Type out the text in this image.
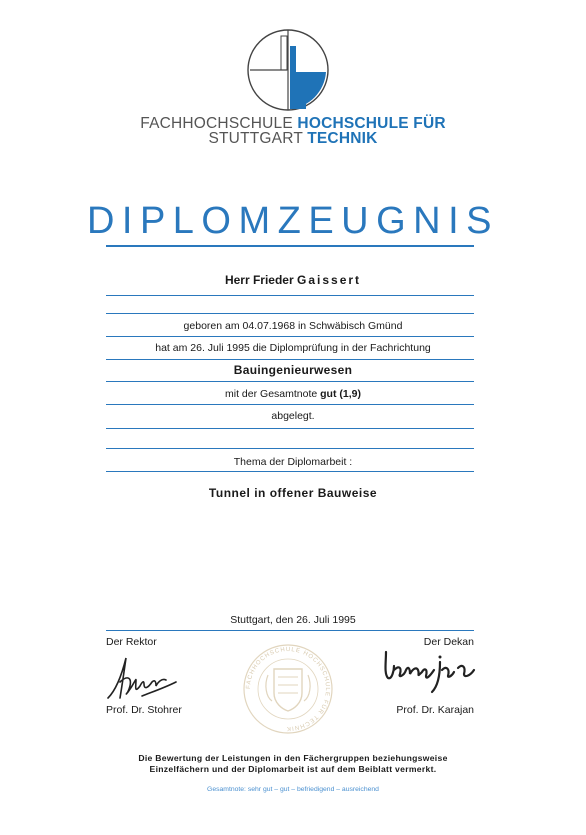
FACHHOCHSCHULE HOCHSCHULE FÜR
STUTTGART TECHNIK
DIPLOMZEUGNIS
Herr Frieder Gaissert
geboren am 04.07.1968 in Schwäbisch Gmünd
hat am 26. Juli 1995 die Diplomprüfung in der Fachrichtung
Bauingenieurwesen
mit der Gesamtnote gut (1,9)
abgelegt.
Thema der Diplomarbeit :
Tunnel in offener Bauweise
Stuttgart, den 26. Juli 1995
Der Rektor	Der Dekan
Prof. Dr. Stohrer	Prof. Dr. Karajan
FACHHOCHSCHULE HOCHSCHULE FÜR TECHNIK
Die Bewertung der Leistungen in den Fächergruppen beziehungsweise
Einzelfächern und der Diplomarbeit ist auf dem Beiblatt vermerkt.
Gesamtnote: sehr gut – gut – befriedigend – ausreichend
